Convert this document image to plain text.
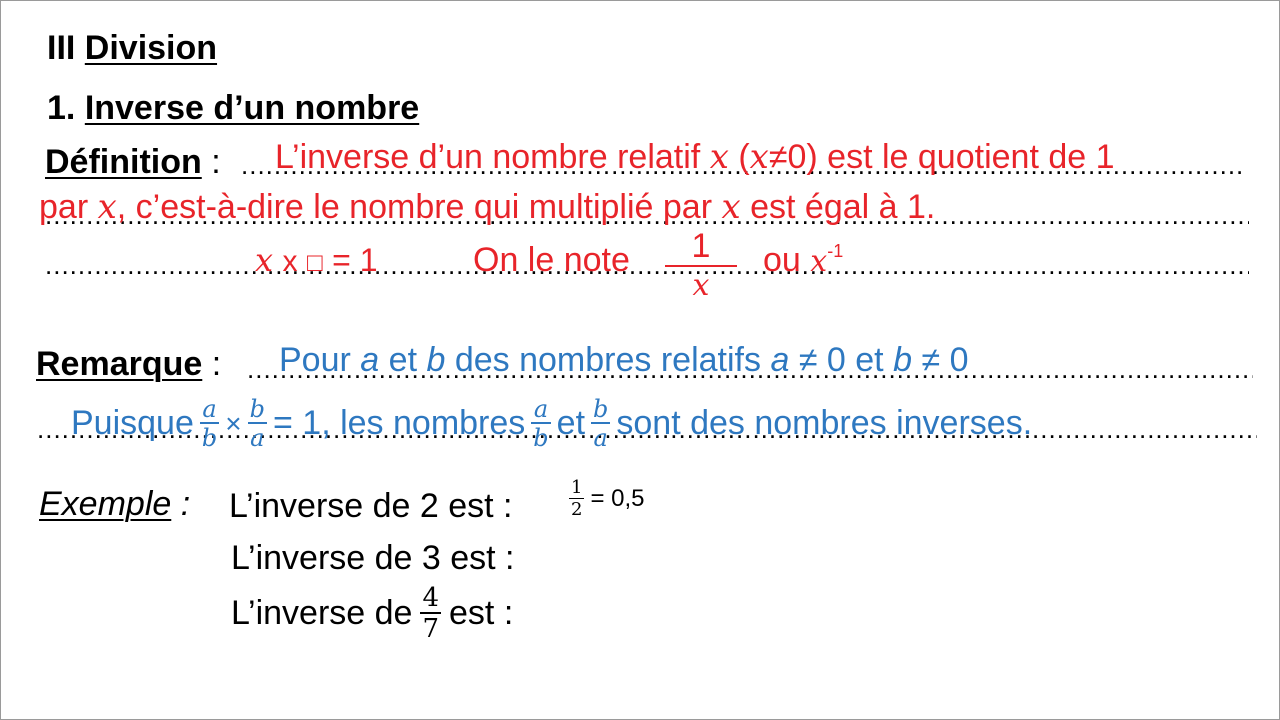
III Division
1. Inverse d’un nombre
Définition : .....
.....
..... L’inverse d’un nombre relatif x (x≠0) est le quotient de 1
par x, c’est-à-dire le nombre qui multiplié par x est égal à 1.
x x □ = 1	On le note $\frac{1}{x}$ ou $x^{-1}$
Remarque : .....
..... Pour a et b des nombres relatifs a ≠ 0 et b ≠ 0
Puisque $\frac{a}{b} \times \frac{b}{a} = 1$, les nombres $\frac{a}{b}$ et $\frac{b}{a}$ sont des nombres inverses.
Exemple : L’inverse de 2 est :	$\frac{1}{2} = 0,5$
L’inverse de 3 est :
L’inverse de $\frac{4}{7}$ est :
